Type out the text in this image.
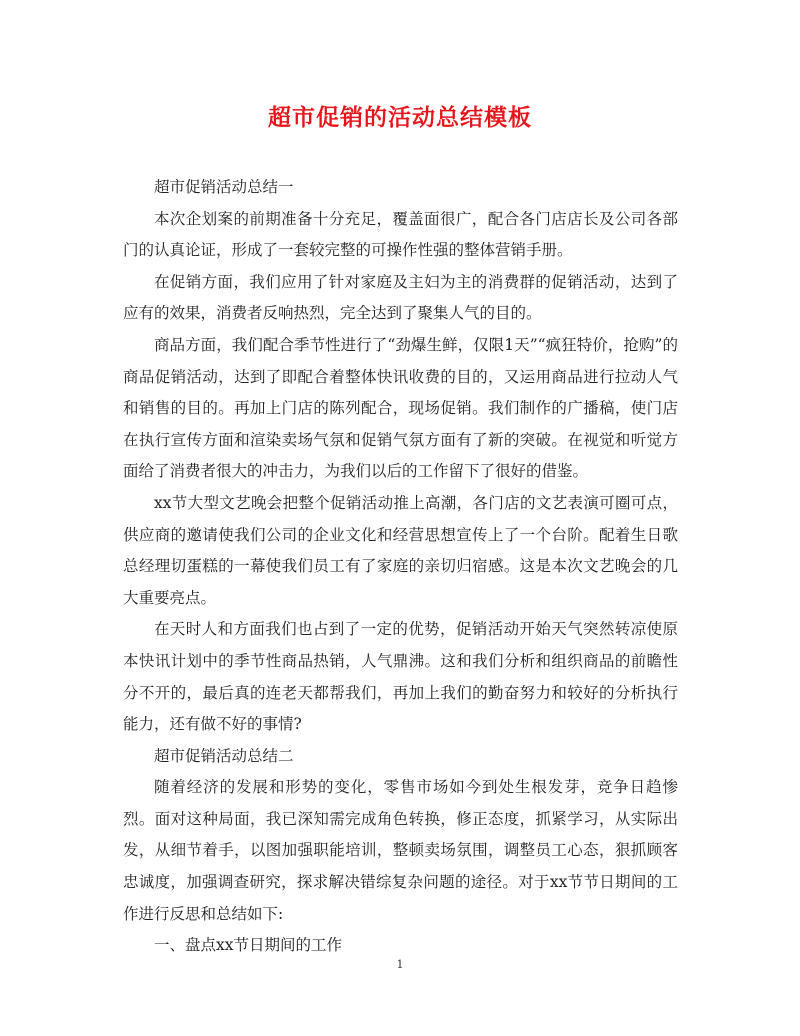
超市促销的活动总结模板

超市促销活动总结一

本次企划案的前期准备十分充足，覆盖面很广，配合各门店店长及公司各部门的认真论证，形成了一套较完整的可操作性强的整体营销手册。

在促销方面，我们应用了针对家庭及主妇为主的消费群的促销活动，达到了应有的效果，消费者反响热烈，完全达到了聚集人气的目的。

商品方面，我们配合季节性进行了“劲爆生鲜，仅限1天”“疯狂特价，抢购”的商品促销活动，达到了即配合着整体快讯收费的目的，又运用商品进行拉动人气和销售的目的。再加上门店的陈列配合，现场促销。我们制作的广播稿，使门店在执行宣传方面和渲染卖场气氛和促销气氛方面有了新的突破。在视觉和听觉方面给了消费者很大的冲击力，为我们以后的工作留下了很好的借鉴。

xx节大型文艺晚会把整个促销活动推上高潮，各门店的文艺表演可圈可点，供应商的邀请使我们公司的企业文化和经营思想宣传上了一个台阶。配着生日歌总经理切蛋糕的一幕使我们员工有了家庭的亲切归宿感。这是本次文艺晚会的几大重要亮点。

在天时人和方面我们也占到了一定的优势，促销活动开始天气突然转凉使原本快讯计划中的季节性商品热销，人气鼎沸。这和我们分析和组织商品的前瞻性分不开的，最后真的连老天都帮我们，再加上我们的勤奋努力和较好的分析执行能力，还有做不好的事情?

超市促销活动总结二

随着经济的发展和形势的变化，零售市场如今到处生根发芽，竞争日趋惨烈。面对这种局面，我已深知需完成角色转换，修正态度，抓紧学习，从实际出发，从细节着手，以图加强职能培训，整顿卖场氛围，调整员工心态，狠抓顾客忠诚度，加强调查研究，探求解决错综复杂问题的途径。对于xx节节日期间的工作进行反思和总结如下:

一、盘点xx节日期间的工作

1
